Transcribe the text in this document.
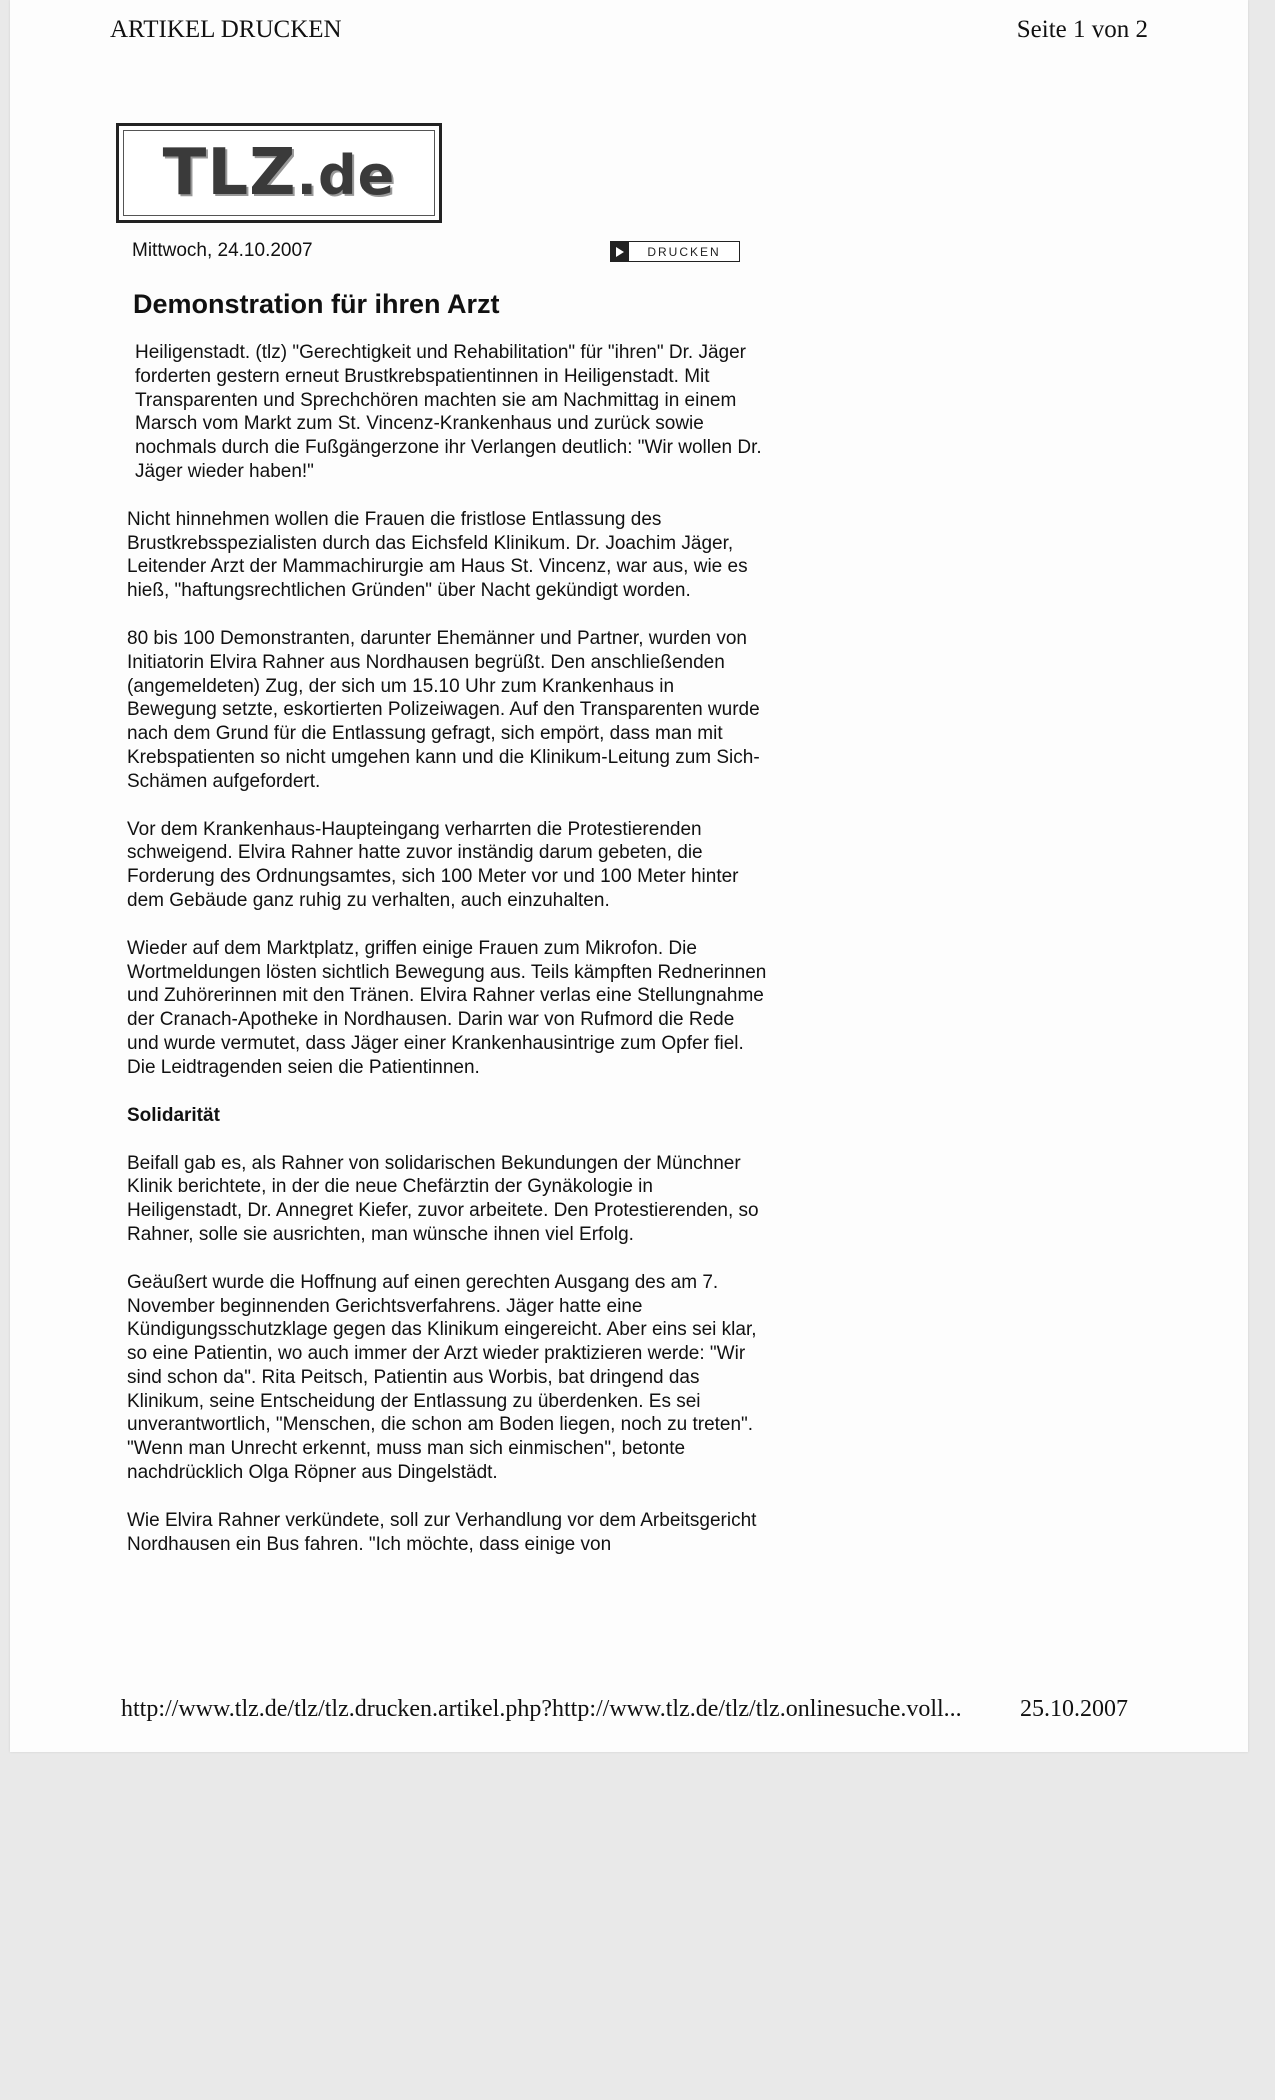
ARTIKEL DRUCKEN	Seite 1 von 2
TLZ.de
Mittwoch, 24.10.2007	DRUCKEN
Demonstration für ihren Arzt

Heiligenstadt. (tlz) "Gerechtigkeit und Rehabilitation" für "ihren" Dr. Jäger forderten gestern erneut Brustkrebspatientinnen in Heiligenstadt. Mit Transparenten und Sprechchören machten sie am Nachmittag in einem Marsch vom Markt zum St. Vincenz-Krankenhaus und zurück sowie nochmals durch die Fußgängerzone ihr Verlangen deutlich: "Wir wollen Dr. Jäger wieder haben!"

Nicht hinnehmen wollen die Frauen die fristlose Entlassung des Brustkrebsspezialisten durch das Eichsfeld Klinikum. Dr. Joachim Jäger, Leitender Arzt der Mammachirurgie am Haus St. Vincenz, war aus, wie es hieß, "haftungsrechtlichen Gründen" über Nacht gekündigt worden.

80 bis 100 Demonstranten, darunter Ehemänner und Partner, wurden von Initiatorin Elvira Rahner aus Nordhausen begrüßt. Den anschließenden (angemeldeten) Zug, der sich um 15.10 Uhr zum Krankenhaus in Bewegung setzte, eskortierten Polizeiwagen. Auf den Transparenten wurde nach dem Grund für die Entlassung gefragt, sich empört, dass man mit Krebspatienten so nicht umgehen kann und die Klinikum-Leitung zum Sich-Schämen aufgefordert.

Vor dem Krankenhaus-Haupteingang verharrten die Protestierenden schweigend. Elvira Rahner hatte zuvor inständig darum gebeten, die Forderung des Ordnungsamtes, sich 100 Meter vor und 100 Meter hinter dem Gebäude ganz ruhig zu verhalten, auch einzuhalten.

Wieder auf dem Marktplatz, griffen einige Frauen zum Mikrofon. Die Wortmeldungen lösten sichtlich Bewegung aus. Teils kämpften Rednerinnen und Zuhörerinnen mit den Tränen. Elvira Rahner verlas eine Stellungnahme der Cranach-Apotheke in Nordhausen. Darin war von Rufmord die Rede und wurde vermutet, dass Jäger einer Krankenhausintrige zum Opfer fiel. Die Leidtragenden seien die Patientinnen.

Solidarität

Beifall gab es, als Rahner von solidarischen Bekundungen der Münchner Klinik berichtete, in der die neue Chefärztin der Gynäkologie in Heiligenstadt, Dr. Annegret Kiefer, zuvor arbeitete. Den Protestierenden, so Rahner, solle sie ausrichten, man wünsche ihnen viel Erfolg.

Geäußert wurde die Hoffnung auf einen gerechten Ausgang des am 7. November beginnenden Gerichtsverfahrens. Jäger hatte eine Kündigungsschutzklage gegen das Klinikum eingereicht. Aber eins sei klar, so eine Patientin, wo auch immer der Arzt wieder praktizieren werde: "Wir sind schon da". Rita Peitsch, Patientin aus Worbis, bat dringend das Klinikum, seine Entscheidung der Entlassung zu überdenken. Es sei unverantwortlich, "Menschen, die schon am Boden liegen, noch zu treten". "Wenn man Unrecht erkennt, muss man sich einmischen", betonte nachdrücklich Olga Röpner aus Dingelstädt.

Wie Elvira Rahner verkündete, soll zur Verhandlung vor dem Arbeitsgericht Nordhausen ein Bus fahren. "Ich möchte, dass einige von

http://www.tlz.de/tlz/tlz.drucken.artikel.php?http://www.tlz.de/tlz/tlz.onlinesuche.voll... 25.10.2007
